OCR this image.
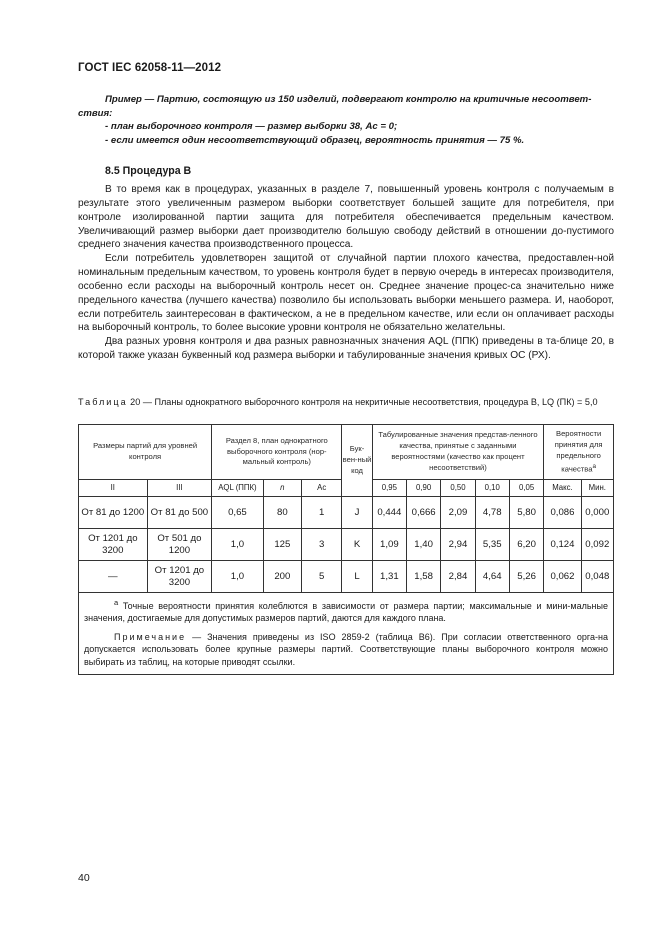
ГОСТ IEC 62058-11—2012

Пример — Партию, состоящую из 150 изделий, подвергают контролю на критичные несоответ-ствия:

- план выборочного контроля — размер выборки 38, Ac = 0;

- если имеется один несоответствующий образец, вероятность принятия — 75 %.

8.5 Процедура В

В то время как в процедурах, указанных в разделе 7, повышенный уровень контроля с получаемым в результате этого увеличенным размером выборки соответствует большей защите для потребителя, при контроле изолированной партии защита для потребителя обеспечивается предельным качеством. Увеличивающий размер выборки дает производителю большую свободу действий в отношении до-пустимого среднего значения качества производственного процесса.

Если потребитель удовлетворен защитой от случайной партии плохого качества, предоставлен-ной номинальным предельным качеством, то уровень контроля будет в первую очередь в интересах производителя, особенно если расходы на выборочный контроль несет он. Среднее значение процес-са значительно ниже предельного качества (лучшего качества) позволило бы использовать выборки меньшего размера. И, наоборот, если потребитель заинтересован в фактическом, а не в предельном качестве, или если он оплачивает расходы на выборочный контроль, то более высокие уровни контроля не обязательно желательны.

Два разных уровня контроля и два разных равнозначных значения AQL (ППК) приведены в та-блице 20, в которой также указан буквенный код размера выборки и табулированные значения кривых ОС (РХ).

Таблица 20 — Планы однократного выборочного контроля на некритичные несоответствия, процедура В, LQ (ПК) = 5,0
Размеры партий для уровней контроля		Раздел 8, план однократного выборочного контроля (нор-мальный контроль)			Бук-вен-ный код	Табулированные значения представ-ленного качества, принятые с заданными вероятностями (качество как процент несоответствий)					Вероятности принятия для предельного качества$^a$
II	III	AQL (ППК)	n	Ac		0,95	0,90	0,50	0,10	0,05	Макс.	Мин.
От 81 до 1200	От 81 до 500	0,65	80	1	J	0,444	0,666	2,09	4,78	5,80	0,086	0,000
От 1201 до 3200	От 501 до 1200	1,0	125	3	K	1,09	1,40	2,94	5,35	6,20	0,124	0,092
—	От 1201 до 3200	1,0	200	5	L	1,31	1,58	2,84	4,64	5,26	0,062	0,048

$^a$ Точные вероятности принятия колеблются в зависимости от размера партии; максимальные и мини-мальные значения, достигаемые для допустимых размеров партий, даются для каждого плана.

Примечание — Значения приведены из ISO 2859-2 (таблица В6). При согласии ответственного орга-на допускается использовать более крупные размеры партий. Соответствующие планы выборочного контроля можно выбирать из таблиц, на которые приводят ссылки.												

40
